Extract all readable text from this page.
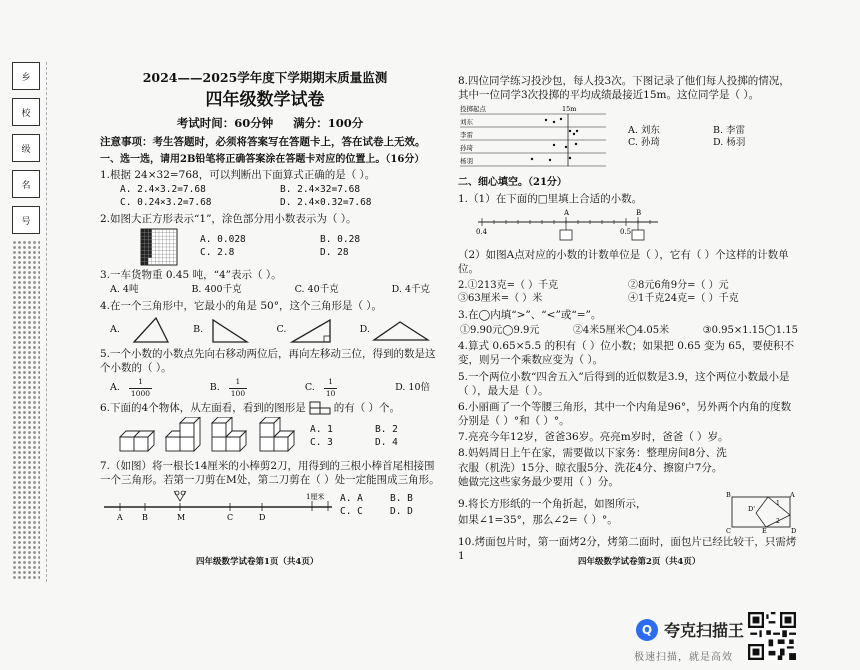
乡
校
级
名
号
2024——2025学年度下学期期末质量监测
四年级数学试卷
考试时间：60分钟 满分：100分
注意事项：考生答题时，必须将答案写在答题卡上，答在试卷上无效。
一、选一选，请用2B铅笔将正确答案涂在答题卡对应的位置上。（16分）
1.根据 24×32=768，可以判断出下面算式正确的是（ ）。
A. 2.4×3.2=7.68	B. 2.4×32=7.68
C. 0.24×3.2=7.68	D. 2.4×0.32=7.68
2.如图大正方形表示“1”，涂色部分用小数表示为（ ）。
A. 0.028	B. 0.28
C. 2.8	D. 28
3.一车货物重 0.45 吨，“4”表示（ ）。
A. 4吨	B. 400千克	C. 40千克	D. 4千克
4.在一个三角形中，它最小的角是 50°，这个三角形是（ ）。
A.	B.	C.	D.
5.一个小数的小数点先向右移动两位后，再向左移动三位，得到的数是这个小数的（ ）。
A.
$\frac{1}{1000}$	B.
$\frac{1}{100}$	C.
$\frac{1}{10}$	D. 10倍
6.下面的4个物体，从左面看，看到的图形是	的有（ ）个。
A. 1	B. 2
C. 3	D. 4
7.（如图）将一根长14厘米的小棒剪2刀，用得到的三根小棒首尾相接围一个三角形。若第一刀剪在M处，第二刀剪在（ ）处一定能围成三角形。
A B	M	C	D
1厘米 A. A	B. B
C. C	D. D
四年级数学试卷第1页（共4页）
8.四位同学练习投沙包，每人投3次。下图记录了他们每人投掷的情况，其中一位同学3次投掷的平均成绩最接近15m。这位同学是（ ）。
投掷起点	15m
刘东
李雷
孙琦
杨羽
A. 刘东	B. 李雷
C. 孙琦	D. 杨羽
二、细心填空。（21分）
1.（1）在下面的□里填上合适的小数。
0.4	0.5
A	B
（2）如图A点对应的小数的计数单位是（ ），它有（ ）个这样的计数单位。
2.①213克=（ ）千克	②8元6角9分=（ ）元
③63厘米=（ ）米	④1千克24克=（ ）千克
3.在◯内填“>”、“<”或“=”。
①9.90元◯9.9元	②4米5厘米◯4.05米	③0.95×1.15◯1.15
4.算式 0.65×5.5 的积有（ ）位小数；如果把 0.65 变为 65，要使积不变，则另一个乘数应变为（ ）。
5.一个两位小数“四舍五入”后得到的近似数是3.9，这个两位小数最小是（ ），最大是（ ）。
6.小丽画了一个等腰三角形，其中一个内角是96°，另外两个内角的度数分别是（ ）°和（ ）°。
7.亮亮今年12岁，爸爸36岁。亮亮m岁时，爸爸（ ）岁。
8.妈妈周日上午在家，需要做以下家务：整理房间8分、洗衣服（机洗）15分、晾衣服5分、洗花4分、擦窗户7分。她做完这些家务最少要用（ ）分。
9.将长方形纸的一个角折起，如图所示，
如果∠1=35°，那么∠2=（ ）°。
B	A
D'
C	D
E
1
2
10.烤面包片时，第一面烤2分，烤第二面时，面包片已经比较干，只需烤1	四年级数学试卷第2页（共4页）
Q 夸克扫描王
极速扫描，就是高效
